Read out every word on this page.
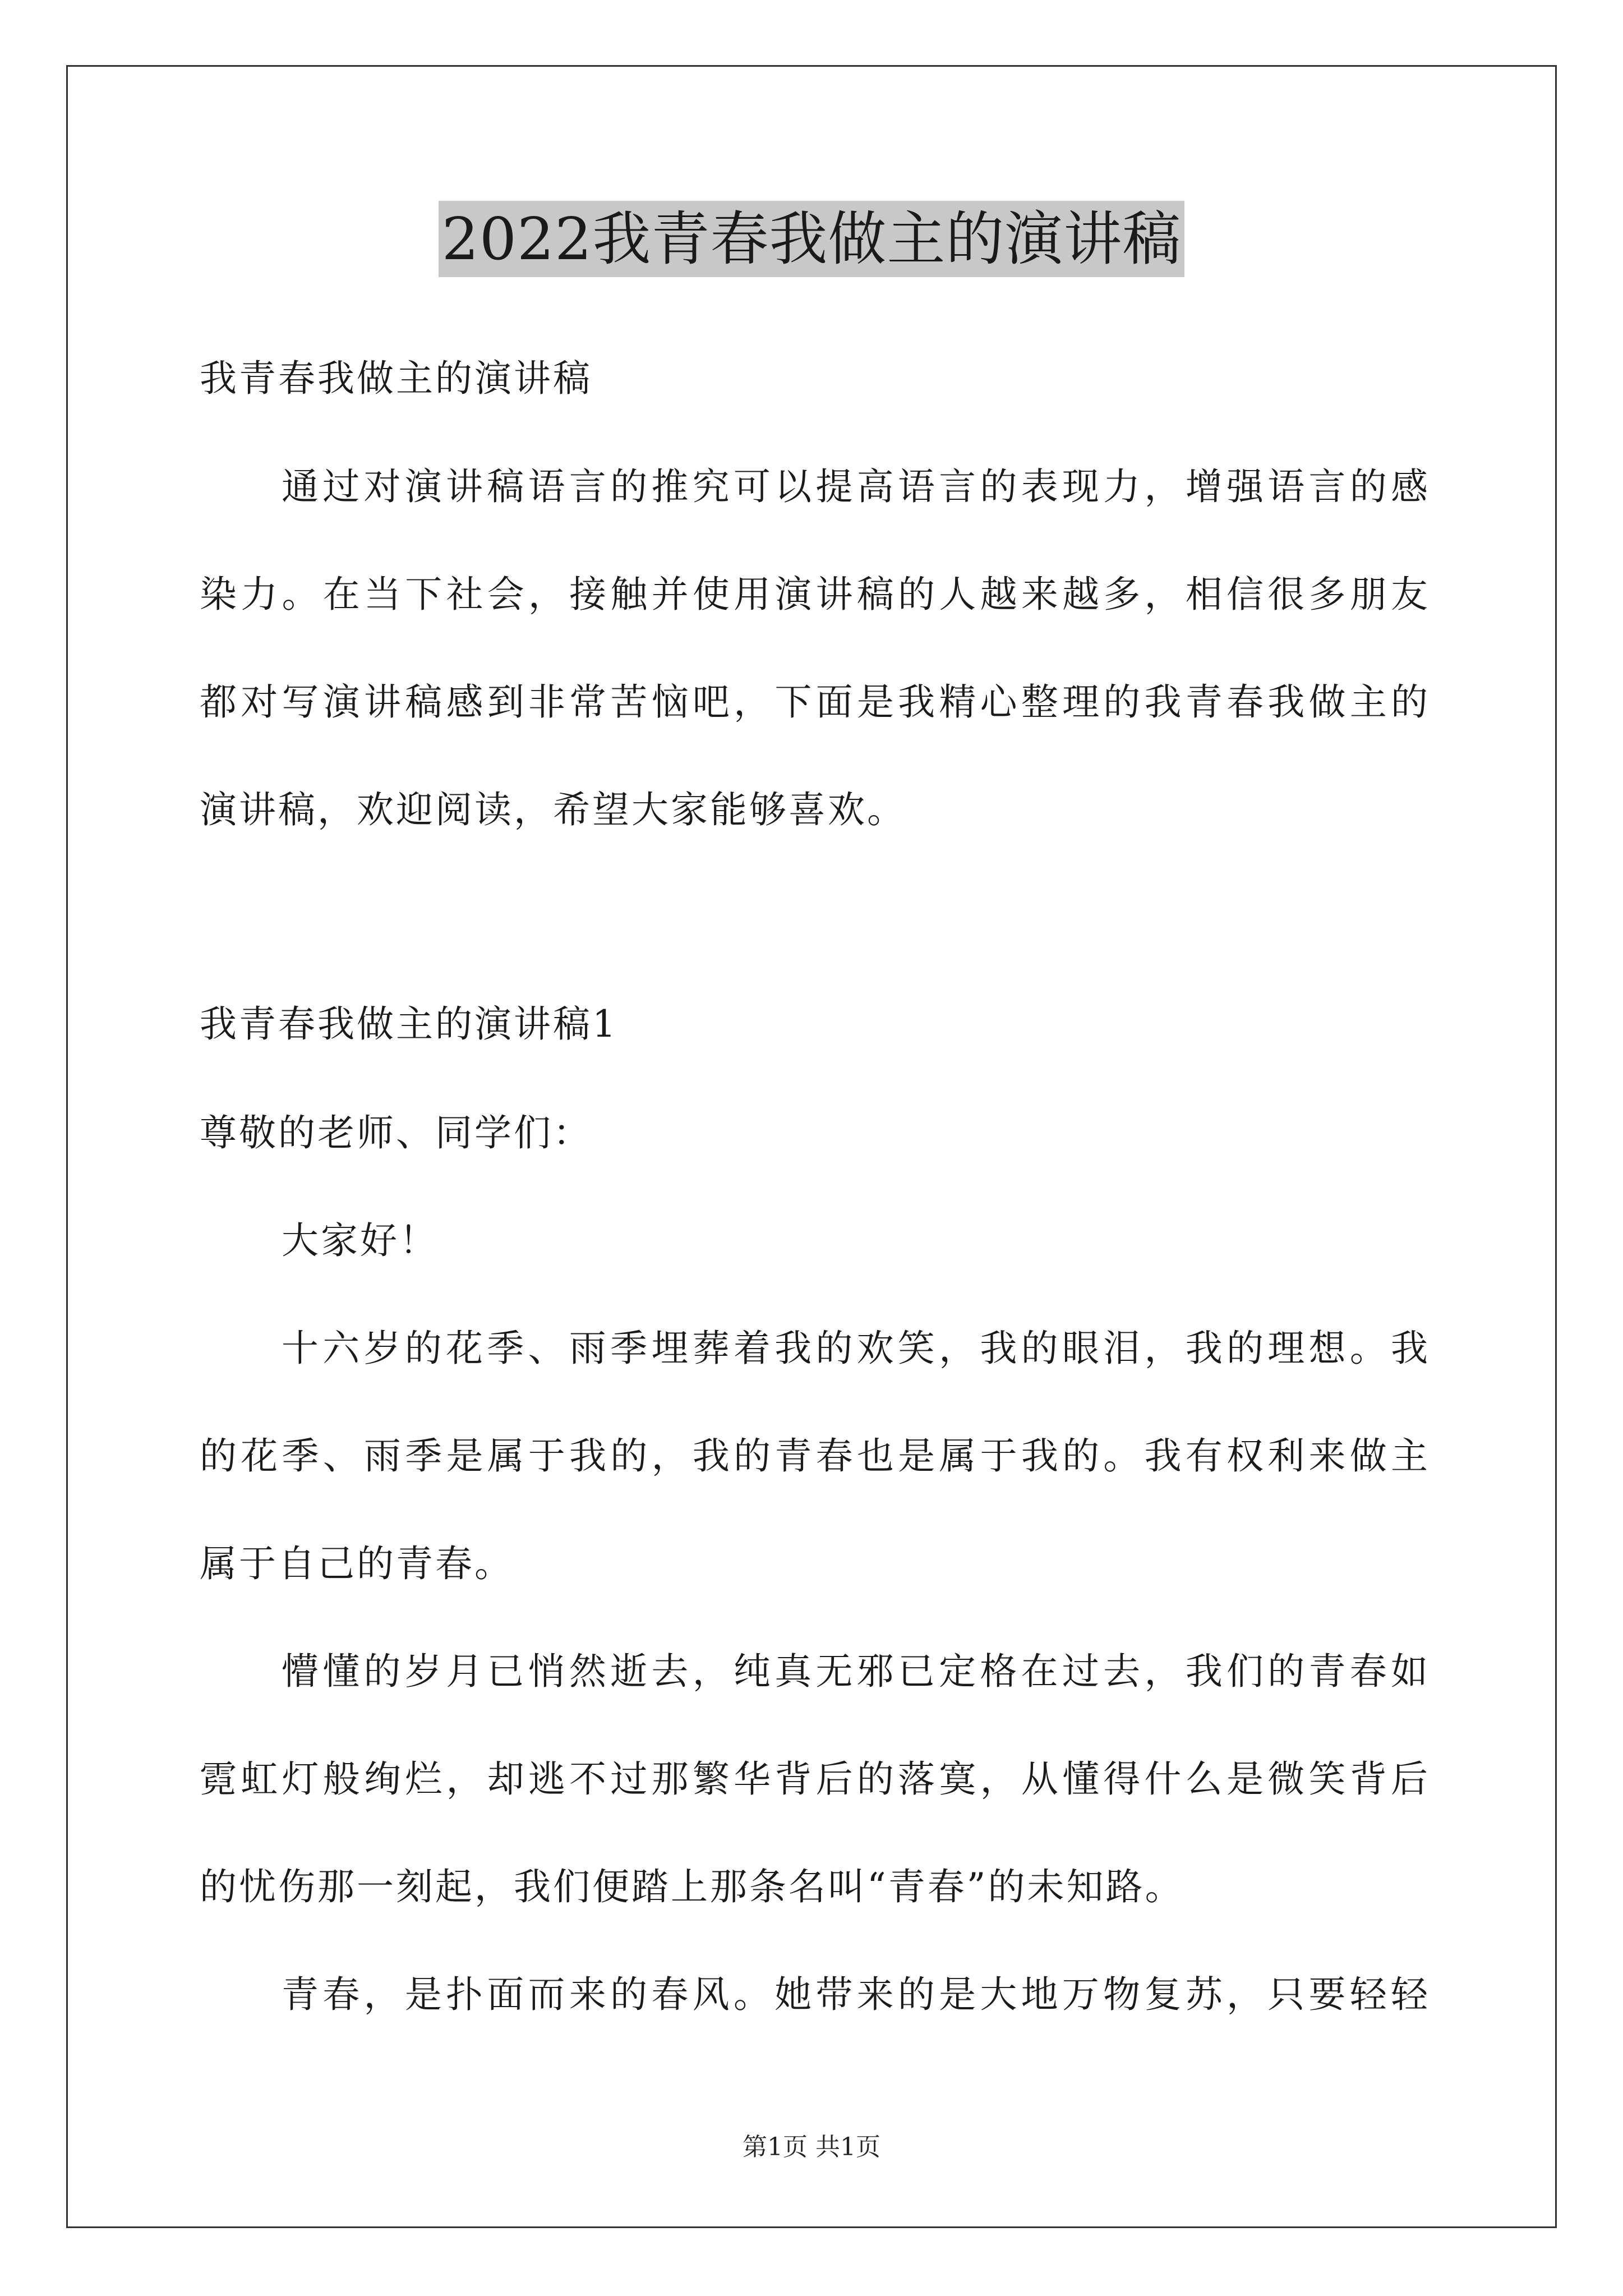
2022我青春我做主的演讲稿
我青春我做主的演讲稿
通过对演讲稿语言的推究可以提高语言的表现力，增强语言的感
染力。在当下社会，接触并使用演讲稿的人越来越多，相信很多朋友
都对写演讲稿感到非常苦恼吧，下面是我精心整理的我青春我做主的
演讲稿，欢迎阅读，希望大家能够喜欢。
我青春我做主的演讲稿1
尊敬的老师、同学们：
大家好！
十六岁的花季、雨季埋葬着我的欢笑，我的眼泪，我的理想。我
的花季、雨季是属于我的，我的青春也是属于我的。我有权利来做主
属于自己的青春。
懵懂的岁月已悄然逝去，纯真无邪已定格在过去，我们的青春如
霓虹灯般绚烂，却逃不过那繁华背后的落寞，从懂得什么是微笑背后
的忧伤那一刻起，我们便踏上那条名叫“青春”的未知路。
青春，是扑面而来的春风。她带来的是大地万物复苏，只要轻轻
第1页 共1页
